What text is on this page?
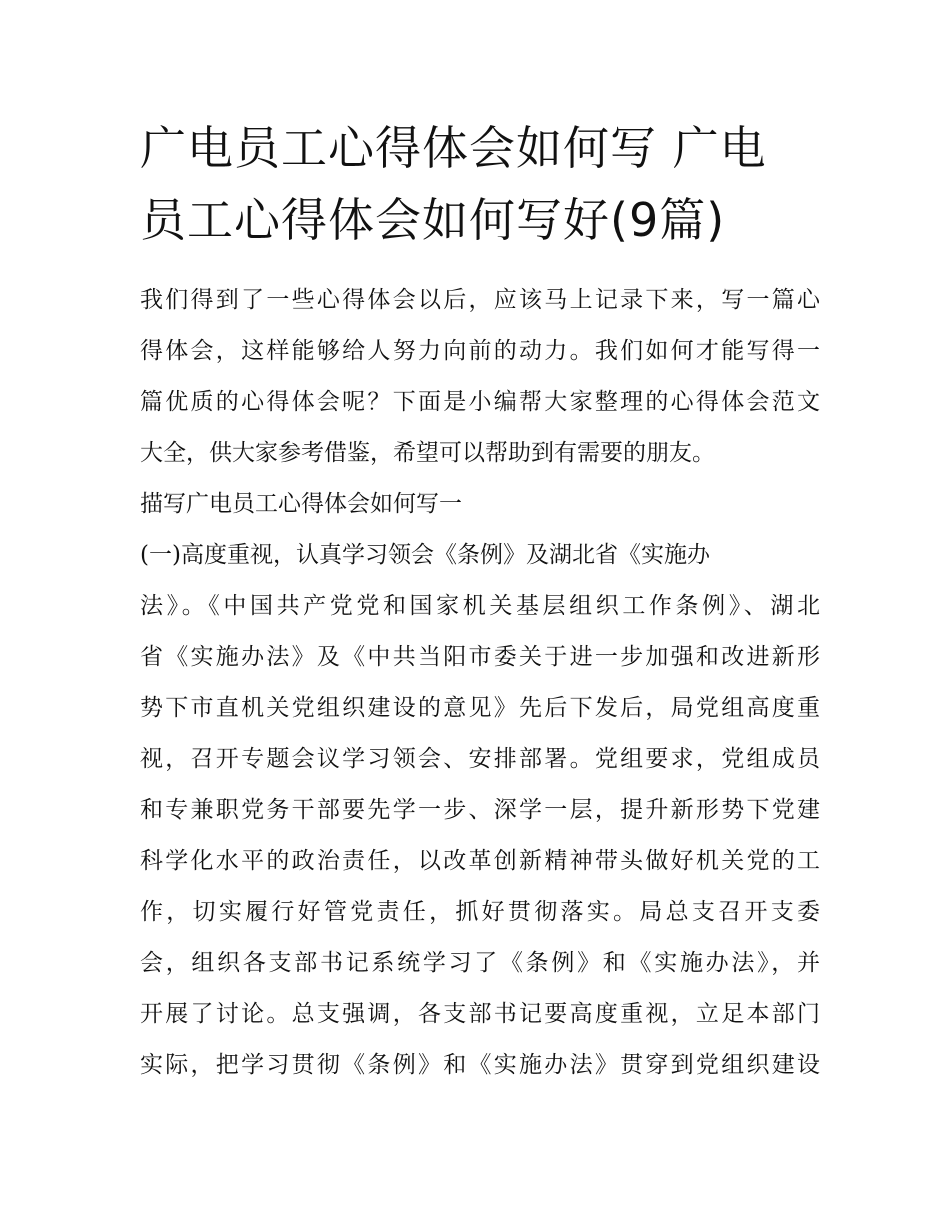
广电员工心得体会如何写 广电
员工心得体会如何写好(9篇)
我们得到了一些心得体会以后，应该马上记录下来，写一篇心
得体会，这样能够给人努力向前的动力。我们如何才能写得一
篇优质的心得体会呢？下面是小编帮大家整理的心得体会范文
大全，供大家参考借鉴，希望可以帮助到有需要的朋友。
描写广电员工心得体会如何写一
(一)高度重视，认真学习领会《条例》及湖北省《实施办
法》。《中国共产党党和国家机关基层组织工作条例》、湖北
省《实施办法》及《中共当阳市委关于进一步加强和改进新形
势下市直机关党组织建设的意见》先后下发后，局党组高度重
视，召开专题会议学习领会、安排部署。党组要求，党组成员
和专兼职党务干部要先学一步、深学一层，提升新形势下党建
科学化水平的政治责任，以改革创新精神带头做好机关党的工
作，切实履行好管党责任，抓好贯彻落实。局总支召开支委
会，组织各支部书记系统学习了《条例》和《实施办法》，并
开展了讨论。总支强调，各支部书记要高度重视，立足本部门
实际，把学习贯彻《条例》和《实施办法》贯穿到党组织建设
